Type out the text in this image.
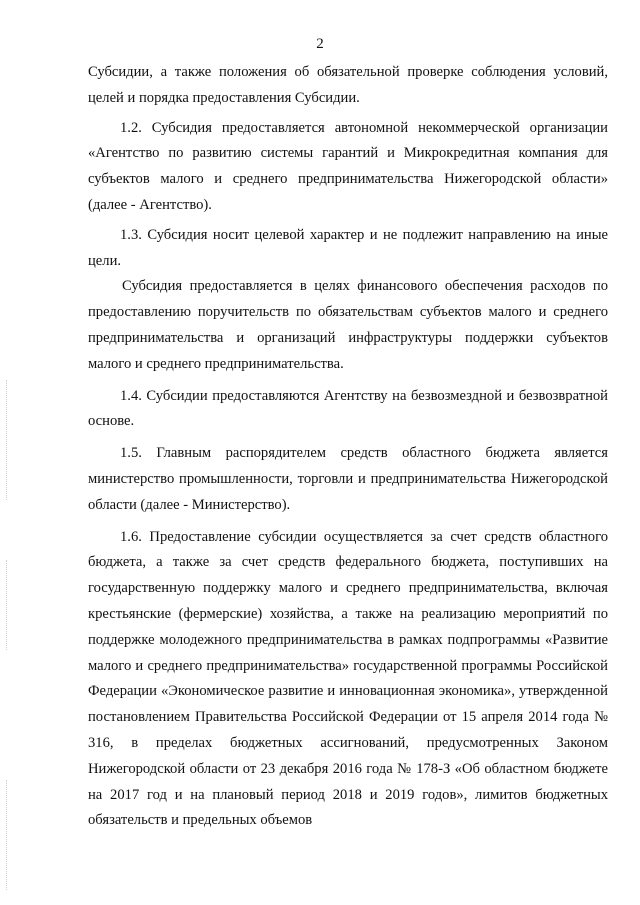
2

Субсидии, а также положения об обязательной проверке соблюдения условий, целей и порядка предоставления Субсидии.

1.2. Субсидия предоставляется автономной некоммерческой организации «Агентство по развитию системы гарантий и Микрокредитная компания для субъектов малого и среднего предпринимательства Нижегородской области» (далее - Агентство).

1.3. Субсидия носит целевой характер и не подлежит направлению на иные цели.

Субсидия предоставляется в целях финансового обеспечения расходов по предоставлению поручительств по обязательствам субъектов малого и среднего предпринимательства и организаций инфраструктуры поддержки субъектов малого и среднего предпринимательства.

1.4. Субсидии предоставляются Агентству на безвозмездной и безвозвратной основе.

1.5. Главным распорядителем средств областного бюджета является министерство промышленности, торговли и предпринимательства Нижегородской области (далее - Министерство).

1.6. Предоставление субсидии осуществляется за счет средств областного бюджета, а также за счет средств федерального бюджета, поступивших на государственную поддержку малого и среднего предпринимательства, включая крестьянские (фермерские) хозяйства, а также на реализацию мероприятий по поддержке молодежного предпринимательства в рамках подпрограммы «Развитие малого и среднего предпринимательства» государственной программы Российской Федерации «Экономическое развитие и инновационная экономика», утвержденной постановлением Правительства Российской Федерации от 15 апреля 2014 года № 316, в пределах бюджетных ассигнований, предусмотренных Законом Нижегородской области от 23 декабря 2016 года № 178-З «Об областном бюджете на 2017 год и на плановый период 2018 и 2019 годов», лимитов бюджетных обязательств и предельных объемов
